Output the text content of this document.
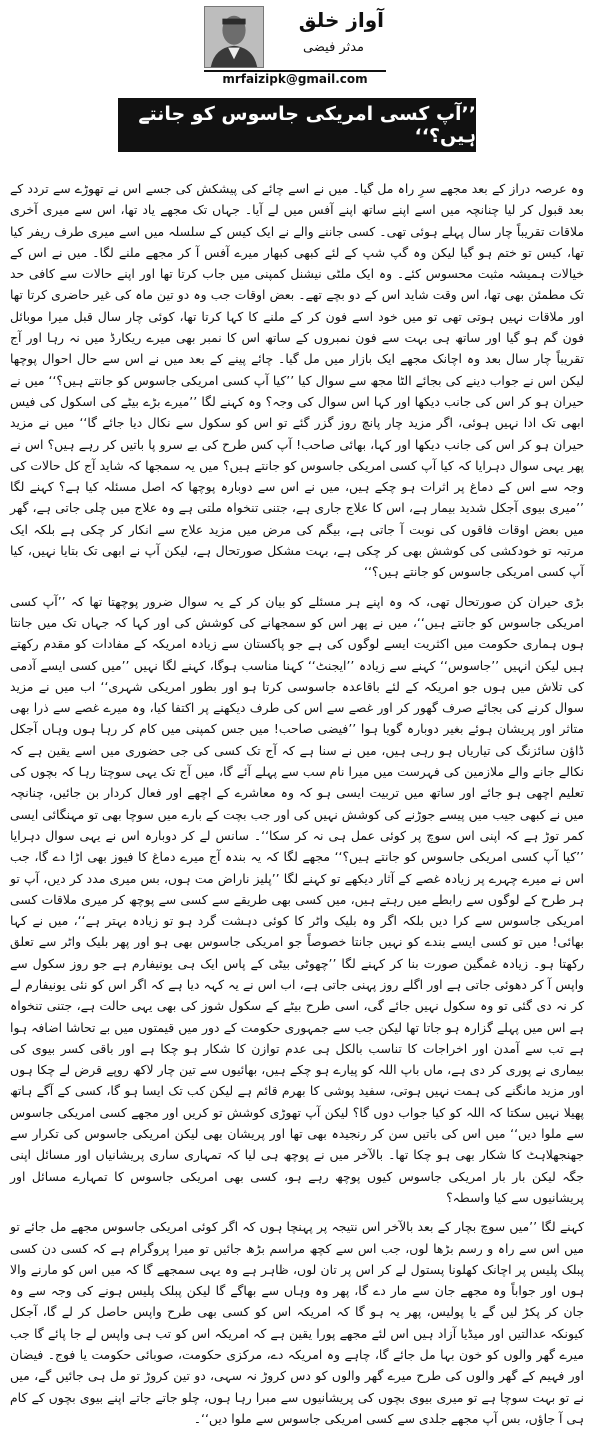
آواز خلق
مدثر فیضی
mrfaizipk@gmail.com
’’آپ کسی امریکی جاسوس کو جانتے ہیں؟‘‘

وہ عرصہ دراز کے بعد مجھے سرِ راہ مل گیا۔ میں نے اسے چائے کی پیشکش کی جسے اس نے تھوڑے سے تردد کے بعد قبول کر لیا چنانچہ میں اسے اپنے ساتھ اپنے آفس میں لے آیا۔ جہاں تک مجھے یاد تھا، اس سے میری آخری ملاقات تقریباً چار سال پہلے ہوئی تھی۔ کسی جاننے والے نے ایک کیس کے سلسلہ میں اسے میری طرف ریفر کیا تھا، کیس تو ختم ہو گیا لیکن وہ گپ شپ کے لئے کبھی کبھار میرے آفس آ کر مجھے ملنے لگا۔ میں نے اس کے خیالات ہمیشہ مثبت محسوس کئے۔ وہ ایک ملٹی نیشنل کمپنی میں جاب کرتا تھا اور اپنے حالات سے کافی حد تک مطمئن بھی تھا، اس وقت شاید اس کے دو بچے تھے۔ بعض اوقات جب وہ دو تین ماہ کی غیر حاضری کرتا تھا اور ملاقات نہیں ہوتی تھی تو میں خود اسے فون کر کے ملنے کا کہا کرتا تھا، کوئی چار سال قبل میرا موبائل فون گم ہو گیا اور ساتھ ہی بہت سے فون نمبروں کے ساتھ اس کا نمبر بھی میرے ریکارڈ میں نہ رہا اور آج تقریباً چار سال بعد وہ اچانک مجھے ایک بازار میں مل گیا۔ چائے پینے کے بعد میں نے اس سے حال احوال پوچھا لیکن اس نے جواب دینے کی بجائے الٹا مجھ سے سوال کیا ’’کیا آپ کسی امریکی جاسوس کو جانتے ہیں؟‘‘ میں نے حیران ہو کر اس کی جانب دیکھا اور کہا اس سوال کی وجہ؟ وہ کہنے لگا ’’میرے بڑے بیٹے کی اسکول کی فیس ابھی تک ادا نہیں ہوئی، اگر مزید چار پانچ روز گزر گئے تو اس کو سکول سے نکال دیا جائے گا‘‘ میں نے مزید حیران ہو کر اس کی جانب دیکھا اور کہا، بھائی صاحب! آپ کس طرح کی بے سرو پا باتیں کر رہے ہیں؟ اس نے پھر یہی سوال دہرایا کہ کیا آپ کسی امریکی جاسوس کو جانتے ہیں؟ میں یہ سمجھا کہ شاید آج کل حالات کی وجہ سے اس کے دماغ پر اثرات ہو چکے ہیں، میں نے اس سے دوبارہ پوچھا کہ اصل مسئلہ کیا ہے؟ کہنے لگا ’’میری بیوی آجکل شدید بیمار ہے، اس کا علاج جاری ہے، جتنی تنخواہ ملتی ہے وہ علاج میں چلی جاتی ہے، گھر میں بعض اوقات فاقوں کی نوبت آ جاتی ہے، بیگم کی مرض میں مزید علاج سے انکار کر چکی ہے بلکہ ایک مرتبہ تو خودکشی کی کوشش بھی کر چکی ہے، بہت مشکل صورتحال ہے، لیکن آپ نے ابھی تک بتایا نہیں، کیا آپ کسی امریکی جاسوس کو جانتے ہیں؟‘‘

بڑی حیران کن صورتحال تھی، کہ وہ اپنے ہر مسئلے کو بیان کر کے یہ سوال ضرور پوچھتا تھا کہ ’’آپ کسی امریکی جاسوس کو جانتے ہیں‘‘، میں نے پھر اس کو سمجھانے کی کوشش کی اور کہا کہ جہاں تک میں جانتا ہوں ہماری حکومت میں اکثریت ایسے لوگوں کی ہے جو پاکستان سے زیادہ امریکہ کے مفادات کو مقدم رکھتے ہیں لیکن انہیں ’’جاسوس‘‘ کہنے سے زیادہ ’’ایجنٹ‘‘ کہنا مناسب ہوگا، کہنے لگا نہیں ’’میں کسی ایسے آدمی کی تلاش میں ہوں جو امریکہ کے لئے باقاعدہ جاسوسی کرتا ہو اور بطور امریکی شہری‘‘ اب میں نے مزید سوال کرنے کی بجائے صرف گھور کر اور غصے سے اس کی طرف دیکھنے پر اکتفا کیا، وہ میرے غصے سے ذرا بھی متاثر اور پریشان ہوئے بغیر دوبارہ گویا ہوا ’’فیضی صاحب! میں جس کمپنی میں کام کر رہا ہوں وہاں آجکل ڈاؤن سائزنگ کی تیاریاں ہو رہی ہیں، میں نے سنا ہے کہ آج تک کسی کی جی حضوری میں اسے یقین ہے کہ نکالے جانے والے ملازمین کی فہرست میں میرا نام سب سے پہلے آئے گا، میں آج تک یہی سوچتا رہا کہ بچوں کی تعلیم اچھی ہو جائے اور ساتھ میں تربیت ایسی ہو کہ وہ معاشرے کے اچھے اور فعال کردار بن جائیں، چنانچہ میں نے کبھی جیب میں پیسے جوڑنے کی کوشش نہیں کی اور جب بچت کے بارے میں سوچا بھی تو مہنگائی ایسی کمر توڑ ہے کہ اپنی اس سوچ پر کوئی عمل ہی نہ کر سکا‘‘۔ سانس لے کر دوبارہ اس نے یہی سوال دہرایا ’’کیا آپ کسی امریکی جاسوس کو جانتے ہیں؟‘‘ مجھے لگا کہ یہ بندہ آج میرے دماغ کا فیوز بھی اڑا دے گا، جب اس نے میرے چہرے پر زیادہ غصے کے آثار دیکھے تو کہنے لگا ’’پلیز ناراض مت ہوں، بس میری مدد کر دیں، آپ تو ہر طرح کے لوگوں سے رابطے میں رہتے ہیں، میں کسی بھی طریقے سے کسی سے پوچھ کر میری ملاقات کسی امریکی جاسوس سے کرا دیں بلکہ اگر وہ بلیک واٹر کا کوئی دہشت گرد ہو تو زیادہ بہتر ہے‘‘، میں نے کہا بھائی! میں تو کسی ایسے بندے کو نہیں جانتا خصوصاً جو امریکی جاسوس بھی ہو اور پھر بلیک واٹر سے تعلق رکھتا ہو۔ زیادہ غمگین صورت بنا کر کہنے لگا ’’چھوٹی بیٹی کے پاس ایک ہی یونیفارم ہے جو روز سکول سے واپس آ کر دھوئی جاتی ہے اور اگلے روز پہنی جاتی ہے، اب اس نے یہ کہہ دیا ہے کہ اگر اس کو نئی یونیفارم لے کر نہ دی گئی تو وہ سکول نہیں جائے گی، اسی طرح بیٹے کے سکول شوز کی بھی یہی حالت ہے، جتنی تنخواہ ہے اس میں پہلے گزارہ ہو جاتا تھا لیکن جب سے جمہوری حکومت کے دور میں قیمتوں میں بے تحاشا اضافہ ہوا ہے تب سے آمدن اور اخراجات کا تناسب بالکل ہی عدم توازن کا شکار ہو چکا ہے اور باقی کسر بیوی کی بیماری نے پوری کر دی ہے، ماں باپ اللہ کو پیارے ہو چکے ہیں، بھائیوں سے تین چار لاکھ روپے قرض لے چکا ہوں اور مزید مانگنے کی ہمت نہیں ہوتی، سفید پوشی کا بھرم قائم ہے لیکن کب تک ایسا ہو گا، کسی کے آگے ہاتھ پھیلا نہیں سکتا کہ اللہ کو کیا جواب دوں گا؟ لیکن آپ تھوڑی کوشش تو کریں اور مجھے کسی امریکی جاسوس سے ملوا دیں‘‘ میں اس کی باتیں سن کر رنجیدہ بھی تھا اور پریشان بھی لیکن امریکی جاسوس کی تکرار سے جھنجھلاہٹ کا شکار بھی ہو چکا تھا۔ بالآخر میں نے پوچھ ہی لیا کہ تمہاری ساری پریشانیاں اور مسائل اپنی جگہ لیکن بار بار امریکی جاسوس کیوں پوچھ رہے ہو، کسی بھی امریکی جاسوس کا تمہارے مسائل اور پریشانیوں سے کیا واسطہ؟

کہنے لگا ’’میں سوچ بچار کے بعد بالآخر اس نتیجہ پر پہنچا ہوں کہ اگر کوئی امریکی جاسوس مجھے مل جائے تو میں اس سے راہ و رسم بڑھا لوں، جب اس سے کچھ مراسم بڑھ جائیں تو میرا پروگرام ہے کہ کسی دن کسی پبلک پلیس پر اچانک کھلونا پستول لے کر اس پر تان لوں، ظاہر ہے وہ یہی سمجھے گا کہ میں اس کو مارنے والا ہوں اور جواباً وہ مجھے جان سے مار دے گا، پھر وہ وہاں سے بھاگے گا لیکن پبلک پلیس ہونے کی وجہ سے وہ جان کر پکڑ لیں گے یا پولیس، پھر یہ ہو گا کہ امریکہ اس کو کسی بھی طرح واپس حاصل کر لے گا، آجکل کیونکہ عدالتیں اور میڈیا آزاد ہیں اس لئے مجھے پورا یقین ہے کہ امریکہ اس کو تب ہی واپس لے جا پائے گا جب میرے گھر والوں کو خون بہا مل جائے گا، چاہے وہ امریکہ دے، مرکزی حکومت، صوبائی حکومت یا فوج۔ فیضان اور فہیم کے گھر والوں کی طرح میرے گھر والوں کو دس کروڑ نہ سہی، دو تین کروڑ تو مل ہی جائیں گے، میں نے تو بہت سوچا ہے تو میری بیوی بچوں کی پریشانیوں سے مبرا رہا ہوں، چلو جاتے جاتے اپنے بیوی بچوں کے کام ہی آ جاؤں، بس آپ مجھے جلدی سے کسی امریکی جاسوس سے ملوا دیں‘‘۔
